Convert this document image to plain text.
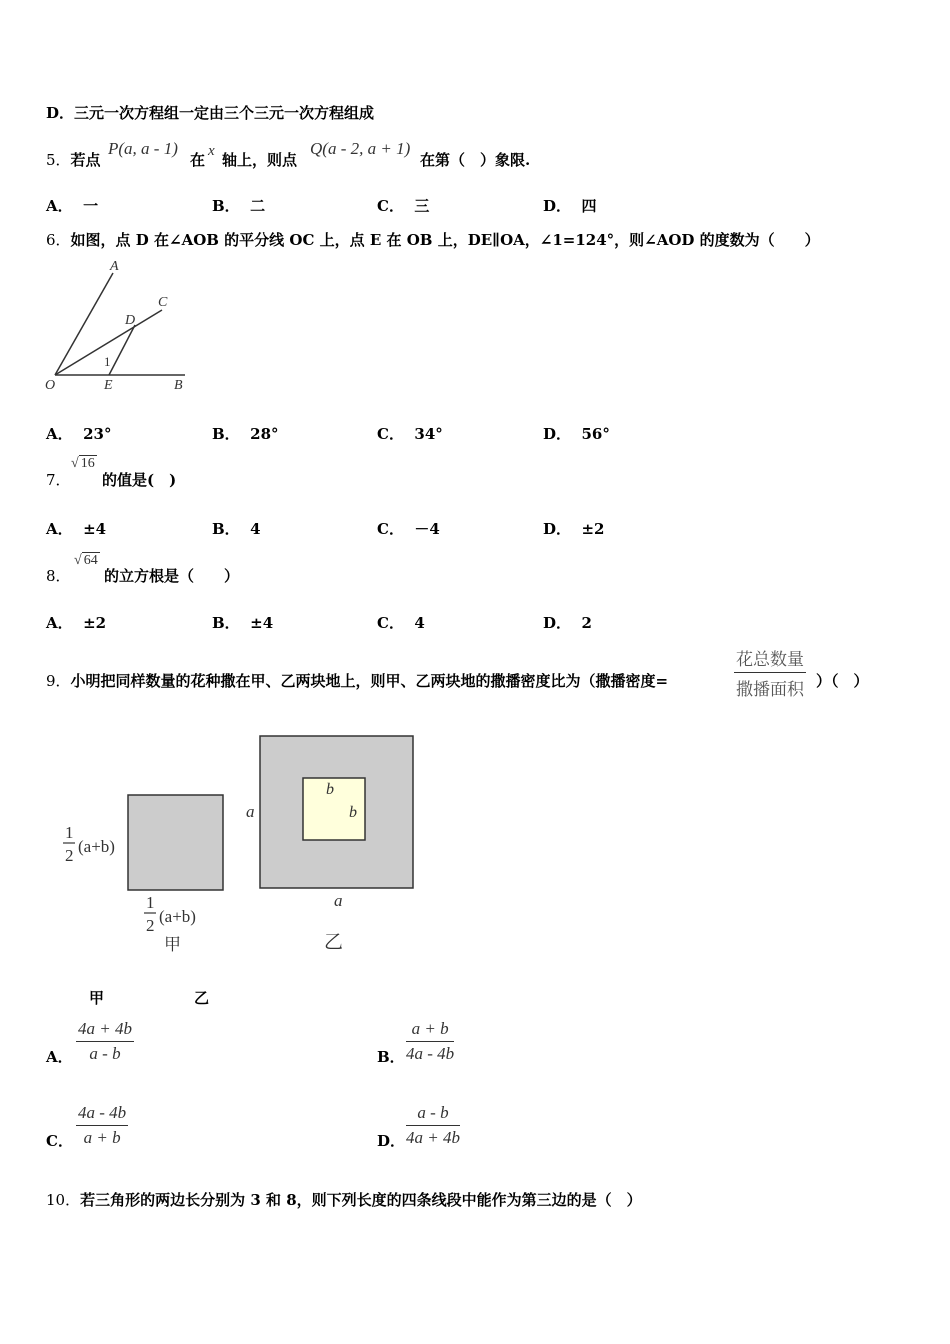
D．三元一次方程组一定由三个三元一次方程组成
5．若点
P(a, a - 1)
在 x 轴上，则点
Q(a - 2, a + 1)
在第（　）象限.
A． 一	B． 二	C． 三	D． 四
6．如图，点 D 在∠AOB 的平分线 OC 上，点 E 在 OB 上，DE∥OA，∠1=124°，则∠AOD 的度数为（　　）
A
C
D
1
O	E	B
A． 23°	B． 28°	C． 34°	D． 56°
7．
√ 16
的值是(　)
A． ±4	B． 4	C． －4	D． ±2
8．
√ 64
的立方根是（　　）
A． ±2	B． ±4	C． 4	D． 2
9．小明把同样数量的花种撒在甲、乙两块地上，则甲、乙两块地的撒播密度比为（撒播密度=
花总数量
撒播面积 ）（　）
1
2 (a+b)
1
2 (a+b)
甲
a
a
b
b
乙
甲	乙
A． $\frac{4a + 4b}{a - b}$	B． $\frac{a + b}{4a - 4b}$
C． $\frac{4a - 4b}{a + b}$	D． $\frac{a - b}{4a + 4b}$
10．若三角形的两边长分别为 3 和 8，则下列长度的四条线段中能作为第三边的是（　）
